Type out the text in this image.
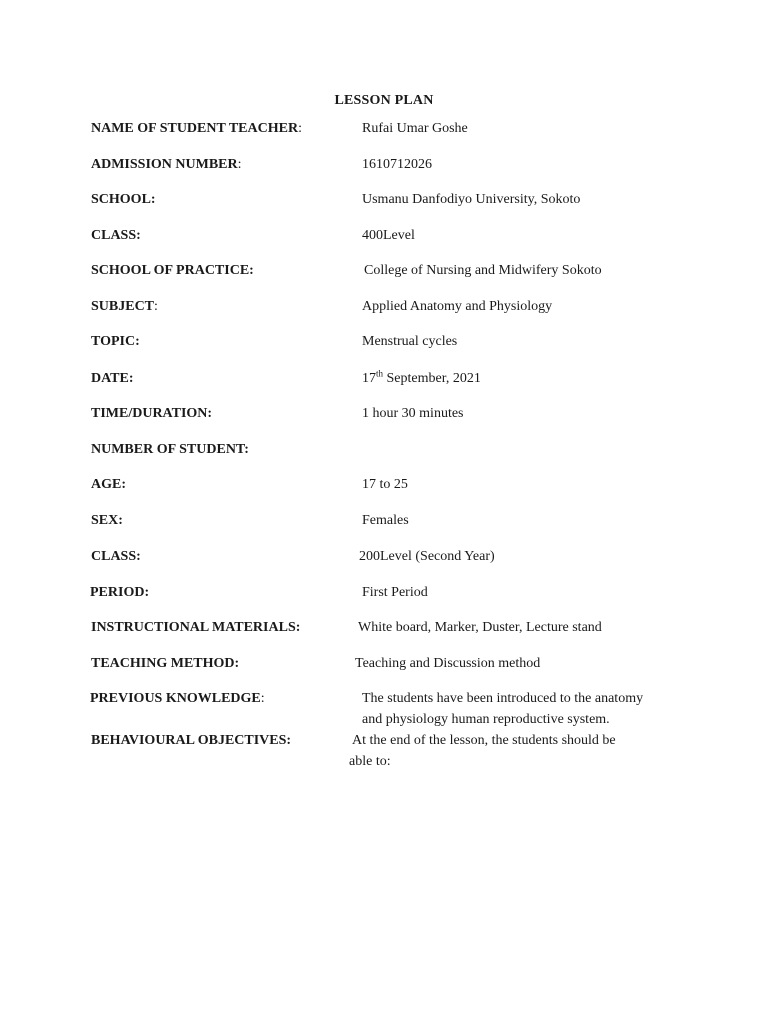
LESSON PLAN
NAME OF STUDENT TEACHER:	Rufai Umar Goshe
ADMISSION NUMBER:	1610712026
SCHOOL:	Usmanu Danfodiyo University, Sokoto
CLASS:	400Level
SCHOOL OF PRACTICE:	College of Nursing and Midwifery Sokoto
SUBJECT:	Applied Anatomy and Physiology
TOPIC:	Menstrual cycles
DATE:	17th September, 2021
TIME/DURATION:	1 hour 30 minutes
NUMBER OF STUDENT:
AGE:	17 to 25
SEX:	Females
CLASS:	200Level (Second Year)
PERIOD:	First Period
INSTRUCTIONAL MATERIALS:	White board, Marker, Duster, Lecture stand
TEACHING METHOD:	Teaching and Discussion method
PREVIOUS KNOWLEDGE:	The students have been introduced to the anatomy
and physiology human reproductive system.
BEHAVIOURAL OBJECTIVES:	At the end of the lesson, the students should be
able to:
